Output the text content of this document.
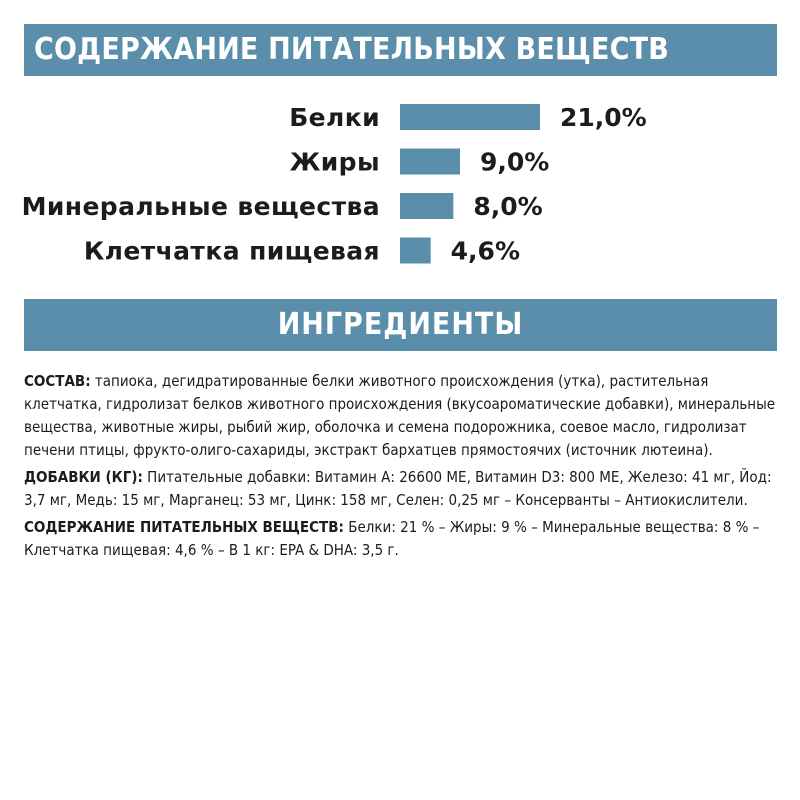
СОДЕРЖАНИЕ ПИТАТЕЛЬНЫХ ВЕЩЕСТВ
Белки	21,0%
Жиры	9,0%
Минеральные вещества	8,0%
Клетчатка пищевая	4,6%
ИНГРЕДИЕНТЫ

СОСТАВ: тапиока, дегидратированные белки животного происхождения (утка), растительная клетчатка, гидролизат белков животного происхождения (вкусоароматические добавки), минеральные вещества, животные жиры, рыбий жир, оболочка и семена подорожника, соевое масло, гидролизат печени птицы, фрукто-олиго-сахариды, экстракт бархатцев прямостоячих (источник лютеина).

ДОБАВКИ (КГ): Питательные добавки: Витамин А: 26600 МЕ, Витамин D3: 800 МЕ, Железо: 41 мг, Йод: 3,7 мг, Медь: 15 мг, Марганец: 53 мг, Цинк: 158 мг, Селен: 0,25 мг – Консерванты – Антиокислители.

СОДЕРЖАНИЕ ПИТАТЕЛЬНЫХ ВЕЩЕСТВ: Белки: 21 % – Жиры: 9 % – Минеральные вещества: 8 % – Клетчатка пищевая: 4,6 % – В 1 кг: EPA & DHA: 3,5 г.
